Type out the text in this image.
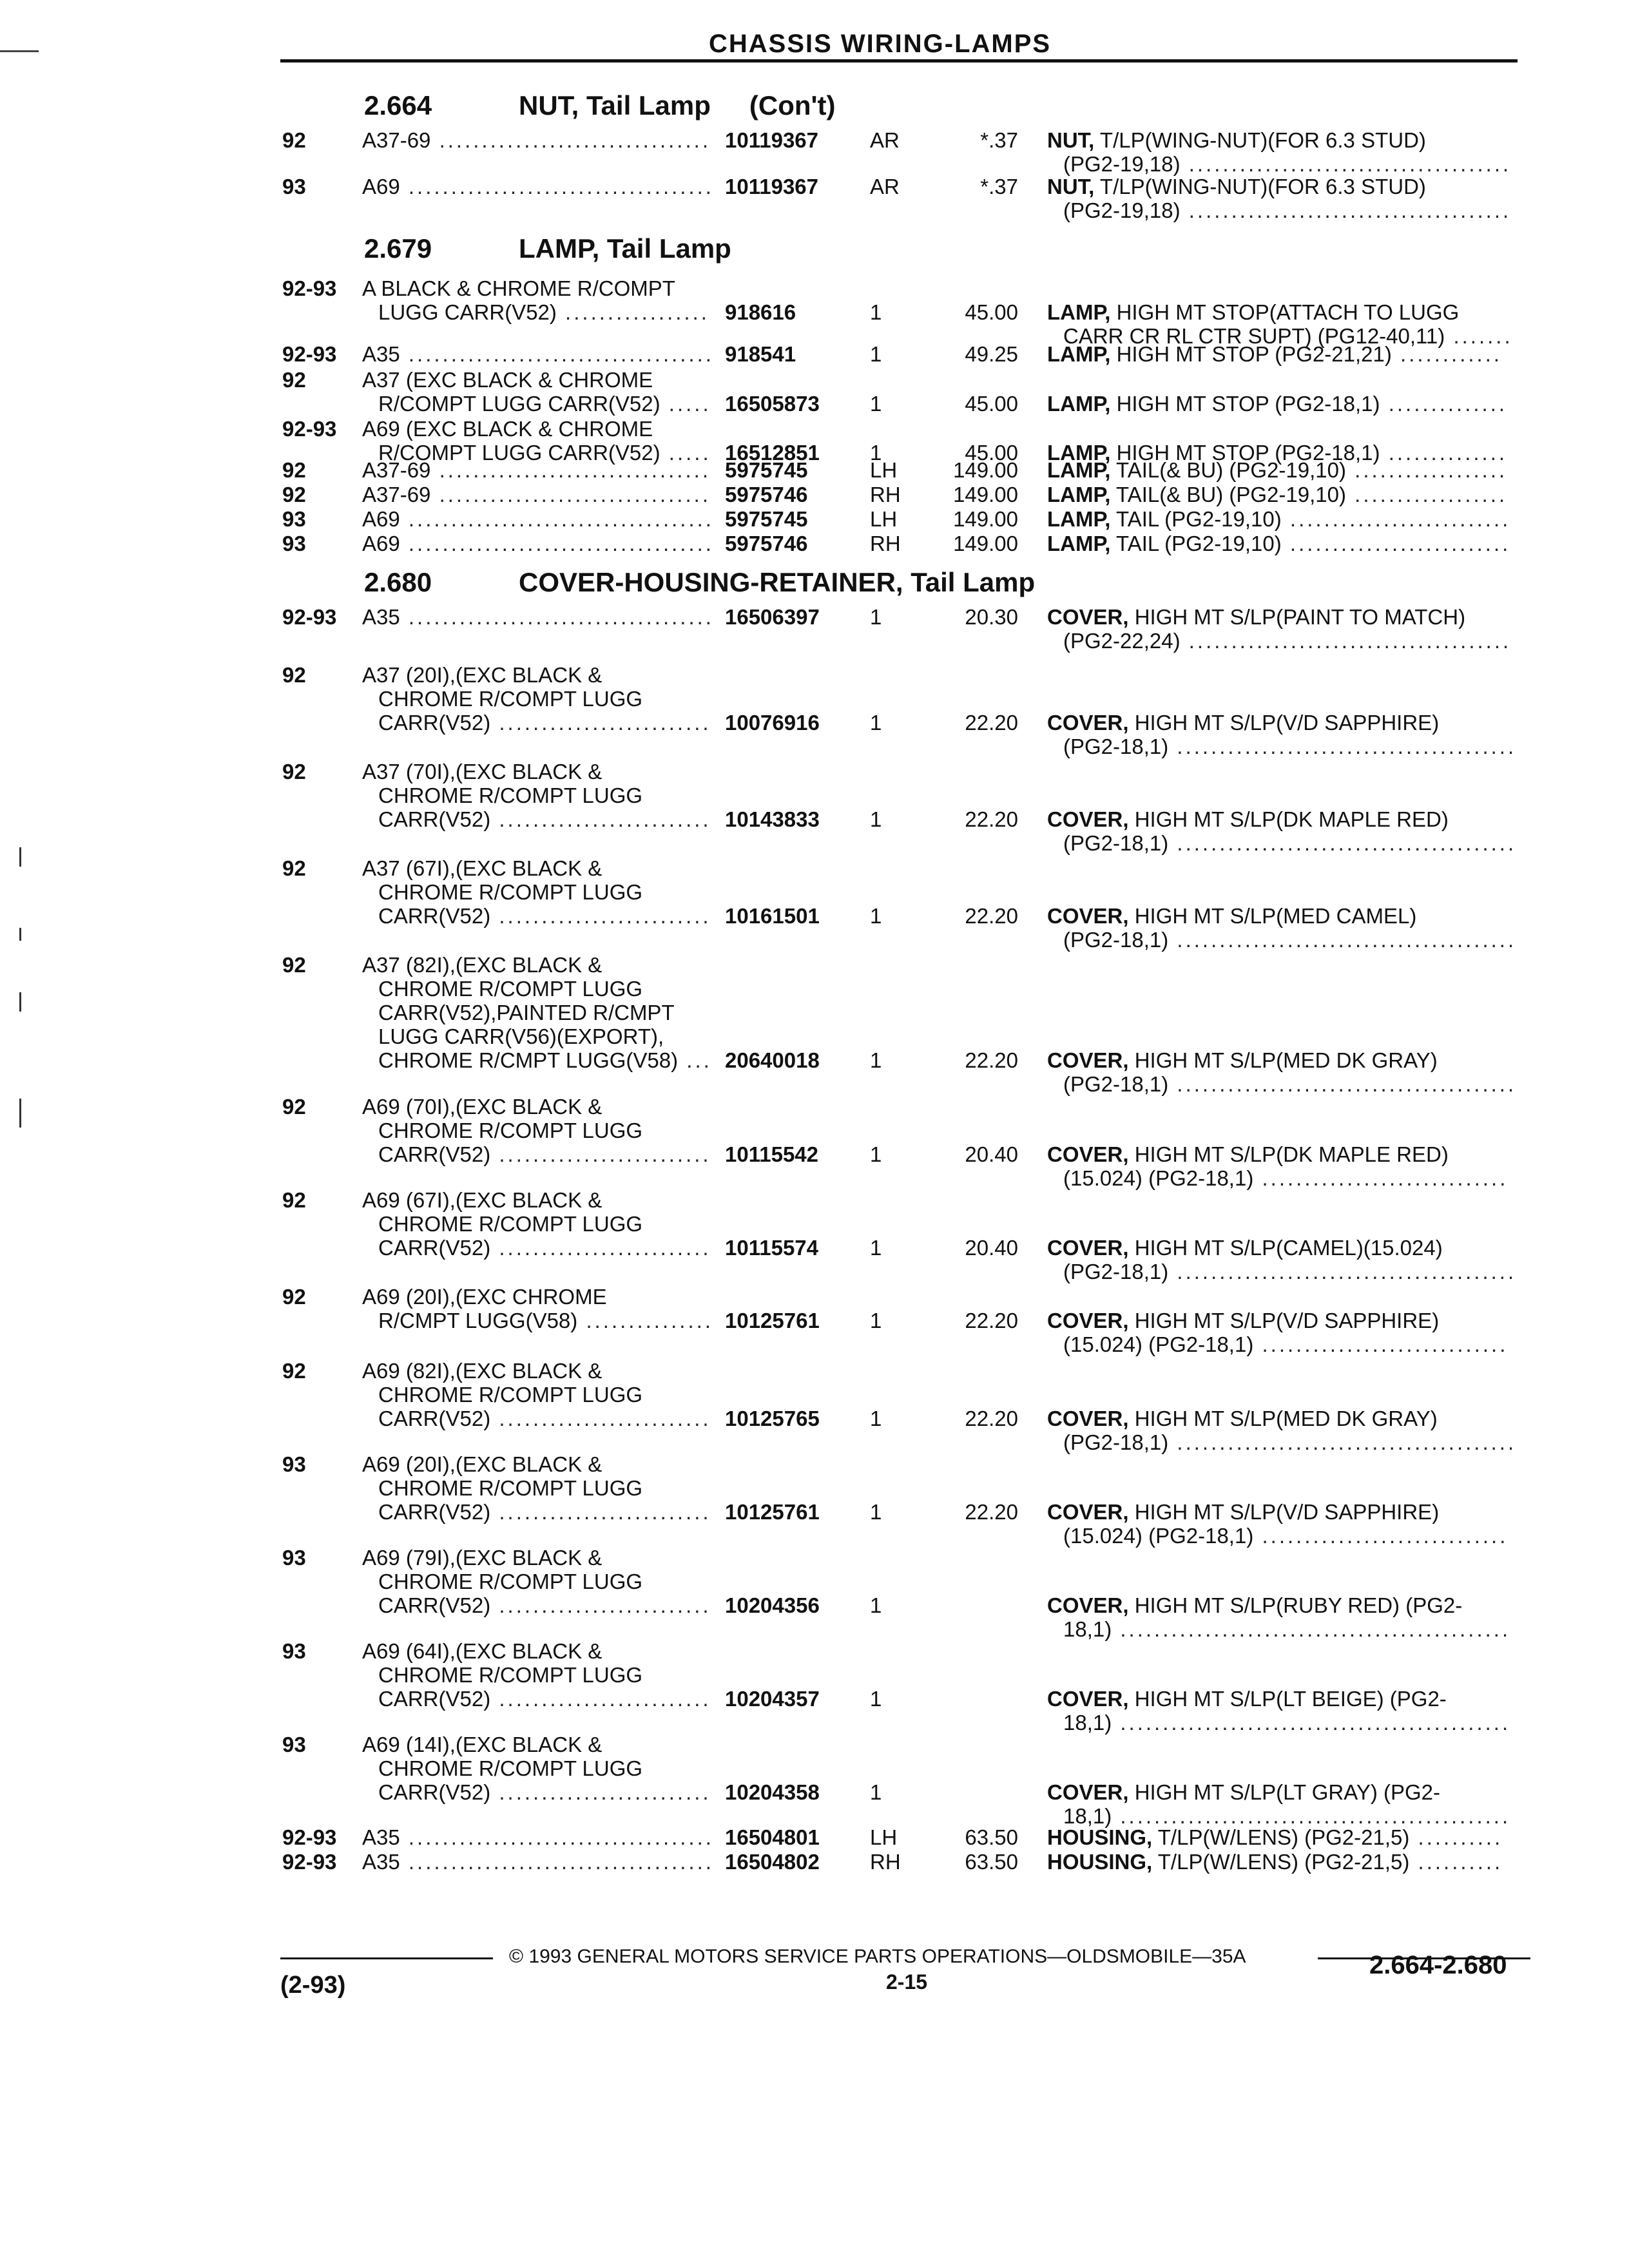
CHASSIS WIRING-LAMPS
2.664	NUT, Tail Lamp (Con't)
92	A37-69 ................................ 10119367 AR	*.37 NUT, T/LP(WING-NUT)(FOR 6.3 STUD)
(PG2-19,18) ......................................
93	A69 .................................... 10119367 AR	*.37 NUT, T/LP(WING-NUT)(FOR 6.3 STUD)
(PG2-19,18) ......................................
2.679	LAMP, Tail Lamp
92-93 A BLACK & CHROME R/COMPT
LUGG CARR(V52) ................. 918616	1	45.00 LAMP, HIGH MT STOP(ATTACH TO LUGG
CARR CR RL CTR SUPT) (PG12-40,11) .......
92-93 A35 .................................... 918541	1	49.25 LAMP, HIGH MT STOP (PG2-21,21) ............
92	A37 (EXC BLACK & CHROME
R/COMPT LUGG CARR(V52) ..... 16505873 1	45.00 LAMP, HIGH MT STOP (PG2-18,1) ..............
92-93 A69 (EXC BLACK & CHROME
R/COMPT LUGG CARR(V52) ..... 16512851 1	45.00 LAMP, HIGH MT STOP (PG2-18,1) ..............
92	A37-69 ................................ 5975745	LH	149.00 LAMP, TAIL(& BU) (PG2-19,10) ..................
92	A37-69 ................................ 5975746	RH	149.00 LAMP, TAIL(& BU) (PG2-19,10) ..................
93	A69 .................................... 5975745	LH	149.00 LAMP, TAIL (PG2-19,10) ..........................
93	A69 .................................... 5975746	RH	149.00 LAMP, TAIL (PG2-19,10) ..........................
2.680	COVER-HOUSING-RETAINER, Tail Lamp
92-93 A35 .................................... 16506397 1	20.30 COVER, HIGH MT S/LP(PAINT TO MATCH)
(PG2-22,24) ......................................
92	A37 (20I),(EXC BLACK &
CHROME R/COMPT LUGG
CARR(V52) ......................... 10076916 1	22.20 COVER, HIGH MT S/LP(V/D SAPPHIRE)
(PG2-18,1) ........................................
92	A37 (70I),(EXC BLACK &
CHROME R/COMPT LUGG
CARR(V52) ......................... 10143833 1	22.20 COVER, HIGH MT S/LP(DK MAPLE RED)
(PG2-18,1) ........................................
92	A37 (67I),(EXC BLACK &
CHROME R/COMPT LUGG
CARR(V52) ......................... 10161501 1	22.20 COVER, HIGH MT S/LP(MED CAMEL)
(PG2-18,1) ........................................
92	A37 (82I),(EXC BLACK &
CHROME R/COMPT LUGG
CARR(V52),PAINTED R/CMPT
LUGG CARR(V56)(EXPORT),
CHROME R/CMPT LUGG(V58) ... 20640018 1	22.20 COVER, HIGH MT S/LP(MED DK GRAY)
(PG2-18,1) ........................................
92	A69 (70I),(EXC BLACK &
CHROME R/COMPT LUGG
CARR(V52) ......................... 10115542 1	20.40 COVER, HIGH MT S/LP(DK MAPLE RED)
(15.024) (PG2-18,1) .............................
92	A69 (67I),(EXC BLACK &
CHROME R/COMPT LUGG
CARR(V52) ......................... 10115574 1	20.40 COVER, HIGH MT S/LP(CAMEL)(15.024)
(PG2-18,1) ........................................
92	A69 (20I),(EXC CHROME
R/CMPT LUGG(V58) ............... 10125761 1	22.20 COVER, HIGH MT S/LP(V/D SAPPHIRE)
(15.024) (PG2-18,1) .............................
92	A69 (82I),(EXC BLACK &
CHROME R/COMPT LUGG
CARR(V52) ......................... 10125765 1	22.20 COVER, HIGH MT S/LP(MED DK GRAY)
(PG2-18,1) ........................................
93	A69 (20I),(EXC BLACK &
CHROME R/COMPT LUGG
CARR(V52) ......................... 10125761 1	22.20 COVER, HIGH MT S/LP(V/D SAPPHIRE)
(15.024) (PG2-18,1) .............................
93	A69 (79I),(EXC BLACK &
CHROME R/COMPT LUGG
CARR(V52) ......................... 10204356 1	COVER, HIGH MT S/LP(RUBY RED) (PG2-
18,1) ..............................................
93	A69 (64I),(EXC BLACK &
CHROME R/COMPT LUGG
CARR(V52) ......................... 10204357 1	COVER, HIGH MT S/LP(LT BEIGE) (PG2-
18,1) ..............................................
93	A69 (14I),(EXC BLACK &
CHROME R/COMPT LUGG
CARR(V52) ......................... 10204358 1	COVER, HIGH MT S/LP(LT GRAY) (PG2-
18,1) ..............................................
92-93 A35 .................................... 16504801 LH	63.50 HOUSING, T/LP(W/LENS) (PG2-21,5) ..........
92-93 A35 .................................... 16504802 RH	63.50 HOUSING, T/LP(W/LENS) (PG2-21,5) ..........
© 1993 GENERAL MOTORS SERVICE PARTS OPERATIONS—OLDSMOBILE—35A
(2-93)	2-15
2.664-2.680
